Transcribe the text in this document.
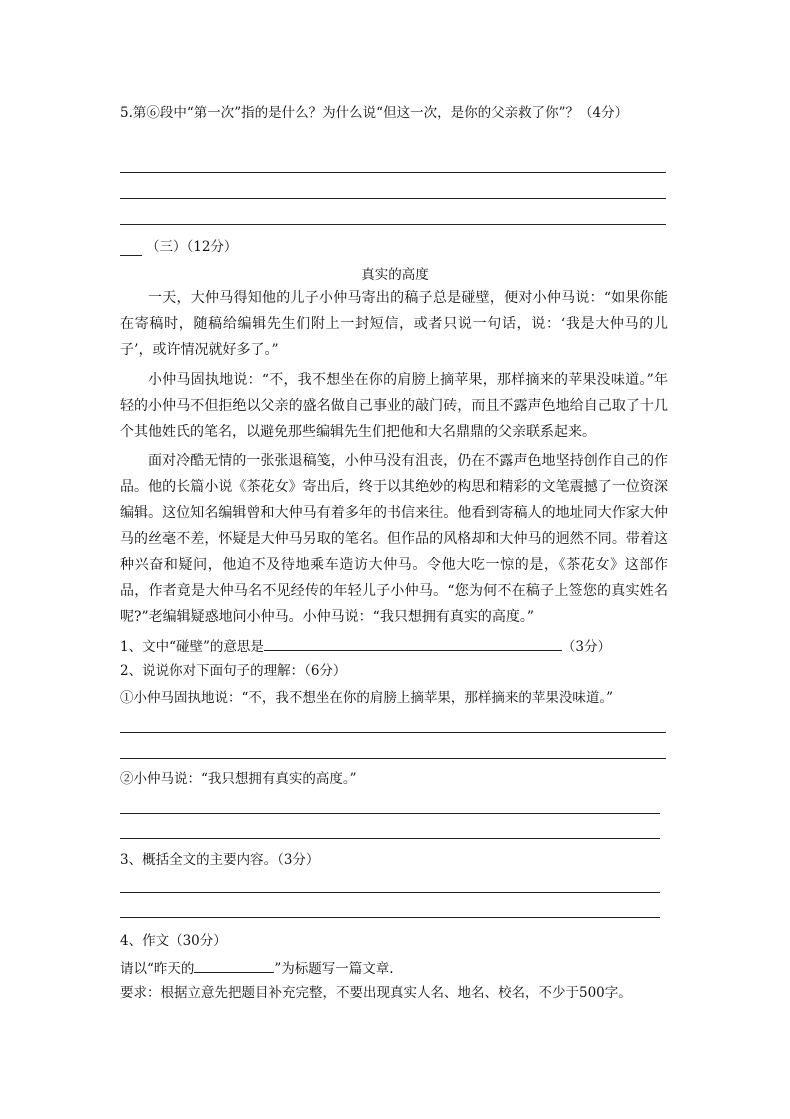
5.第⑥段中“第一次”指的是什么？为什么说“但这一次，是你的父亲救了你”？（4分）
（三）（12分）
真实的高度
一天，大仲马得知他的儿子小仲马寄出的稿子总是碰壁，便对小仲马说：“如果你能在寄稿时，随稿给编辑先生们附上一封短信，或者只说一句话，说：‘我是大仲马的儿子’，或许情况就好多了。”
小仲马固执地说：“不，我不想坐在你的肩膀上摘苹果，那样摘来的苹果没味道。”年轻的小仲马不但拒绝以父亲的盛名做自己事业的敲门砖，而且不露声色地给自己取了十几个其他姓氏的笔名，以避免那些编辑先生们把他和大名鼎鼎的父亲联系起来。
面对冷酷无情的一张张退稿笺，小仲马没有沮丧，仍在不露声色地坚持创作自己的作品。他的长篇小说《茶花女》寄出后，终于以其绝妙的构思和精彩的文笔震撼了一位资深编辑。这位知名编辑曾和大仲马有着多年的书信来往。他看到寄稿人的地址同大作家大仲马的丝毫不差，怀疑是大仲马另取的笔名。但作品的风格却和大仲马的迥然不同。带着这种兴奋和疑问，他迫不及待地乘车造访大仲马。令他大吃一惊的是，《茶花女》这部作品，作者竟是大仲马名不见经传的年轻儿子小仲马。“您为何不在稿子上签您的真实姓名呢?”老编辑疑惑地问小仲马。小仲马说：“我只想拥有真实的高度。”
1、文中“碰壁”的意思是	（3分）
2、说说你对下面句子的理解：（6分）
①小仲马固执地说：“不，我不想坐在你的肩膀上摘苹果，那样摘来的苹果没味道。”
②小仲马说：“我只想拥有真实的高度。”
3、概括全文的主要内容。（3分）
4、作文（30分）
请以“昨天的	”为标题写一篇文章.
要求：根据立意先把题目补充完整，不要出现真实人名、地名、校名，不少于500字。
